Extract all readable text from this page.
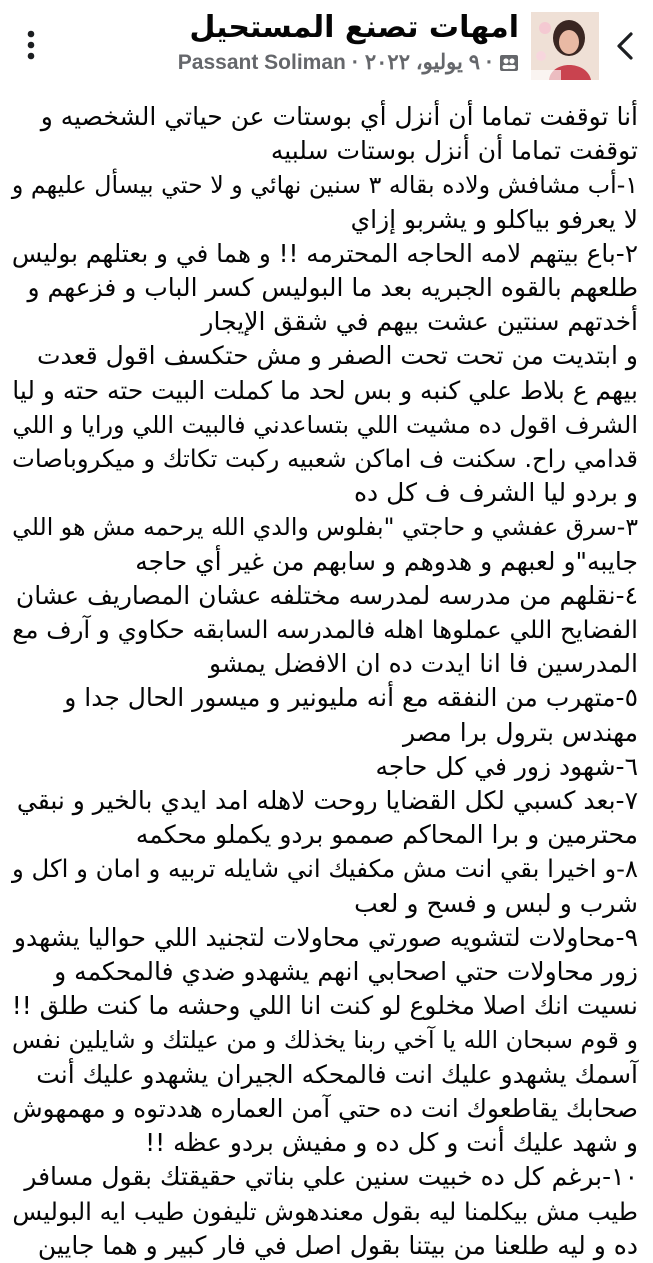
امهات تصنع المستحيل
Passant Soliman · ٩ يوليو، ٢٠٢٢ ·
أنا توقفت تماما أن أنزل أي بوستات عن حياتي الشخصيه و
توقفت تماما أن أنزل بوستات سلبيه
١-أب مشافش ولاده بقاله ٣ سنين نهائي و لا حتي بيسأل عليهم و
لا يعرفو بياكلو و يشربو إزاي
٢-باع بيتهم لامه الحاجه المحترمه !! و هما في و بعتلهم بوليس
طلعهم بالقوه الجبريه بعد ما البوليس كسر الباب و فزعهم و
أخدتهم سنتين عشت بيهم في شقق الإيجار
و ابتديت من تحت تحت الصفر و مش حتكسف اقول قعدت
بيهم ع بلاط علي كنبه و بس لحد ما كملت البيت حته حته و ليا
الشرف اقول ده مشيت اللي بتساعدني فالبيت اللي ورايا و اللي
قدامي راح. سكنت ف اماكن شعبيه ركبت تكاتك و ميكروباصات
و بردو ليا الشرف ف كل ده
٣-سرق عفشي و حاجتي "بفلوس والدي الله يرحمه مش هو اللي
جايبه"و لعبهم و هدوهم و سابهم من غير أي حاجه
٤-نقلهم من مدرسه لمدرسه مختلفه عشان المصاريف عشان
الفضايح اللي عملوها اهله فالمدرسه السابقه حكاوي و آرف مع
المدرسين فا انا ايدت ده ان الافضل يمشو
٥-متهرب من النفقه مع أنه مليونير و ميسور الحال جدا و
مهندس بترول برا مصر
٦-شهود زور في كل حاجه
٧-بعد كسبي لكل القضايا روحت لاهله امد ايدي بالخير و نبقي
محترمين و برا المحاكم صممو بردو يكملو محكمه
٨-و اخيرا بقي انت مش مكفيك اني شايله تربيه و امان و اكل و
شرب و لبس و فسح و لعب
٩-محاولات لتشويه صورتي محاولات لتجنيد اللي حواليا يشهدو
زور محاولات حتي اصحابي انهم يشهدو ضدي فالمحكمه و
نسيت انك اصلا مخلوع لو كنت انا اللي وحشه ما كنت طلق !!
و قوم سبحان الله يا آخي ربنا يخذلك و من عيلتك و شايلين نفس
آسمك يشهدو عليك انت فالمحكه الجيران يشهدو عليك أنت
صحابك يقاطعوك انت ده حتي آمن العماره هددتوه و مهمهوش
و شهد عليك أنت و كل ده و مفيش بردو عظه !!
١٠-برغم كل ده خبيت سنين علي بناتي حقيقتك بقول مسافر
طيب مش بيكلمنا ليه بقول معندهوش تليفون طيب ايه البوليس
ده و ليه طلعنا من بيتنا بقول اصل في فار كبير و هما جايين
